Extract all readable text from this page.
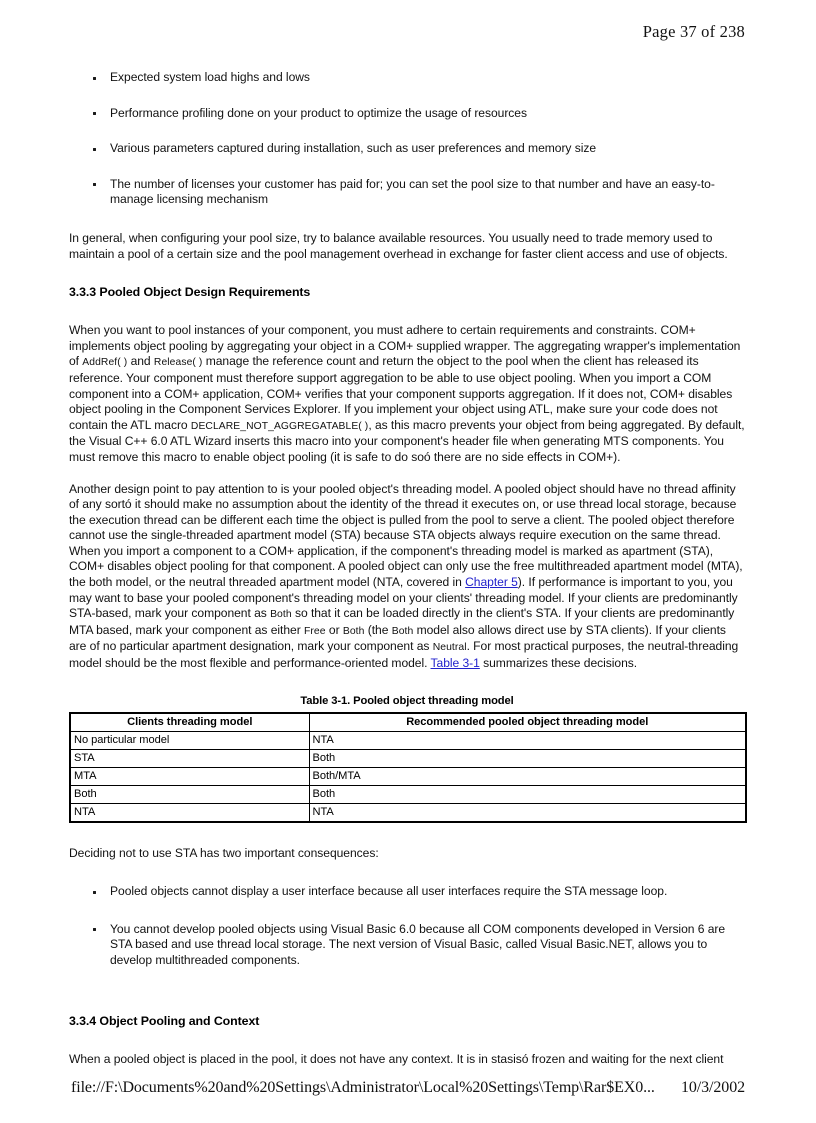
Page 37 of 238
Expected system load highs and lows
Performance profiling done on your product to optimize the usage of resources
Various parameters captured during installation, such as user preferences and memory size
The number of licenses your customer has paid for; you can set the pool size to that number and have an easy-to-manage licensing mechanism

In general, when configuring your pool size, try to balance available resources. You usually need to trade memory used to maintain a pool of a certain size and the pool management overhead in exchange for faster client access and use of objects.

3.3.3 Pooled Object Design Requirements

When you want to pool instances of your component, you must adhere to certain requirements and constraints. COM+ implements object pooling by aggregating your object in a COM+ supplied wrapper. The aggregating wrapper's implementation of AddRef( ) and Release( ) manage the reference count and return the object to the pool when the client has released its reference. Your component must therefore support aggregation to be able to use object pooling. When you import a COM component into a COM+ application, COM+ verifies that your component supports aggregation. If it does not, COM+ disables object pooling in the Component Services Explorer. If you implement your object using ATL, make sure your code does not contain the ATL macro DECLARE_NOT_AGGREGATABLE( ), as this macro prevents your object from being aggregated. By default, the Visual C++ 6.0 ATL Wizard inserts this macro into your component's header file when generating MTS components. You must remove this macro to enable object pooling (it is safe to do soó there are no side effects in COM+).

Another design point to pay attention to is your pooled object's threading model. A pooled object should have no thread affinity of any sortó it should make no assumption about the identity of the thread it executes on, or use thread local storage, because the execution thread can be different each time the object is pulled from the pool to serve a client. The pooled object therefore cannot use the single-threaded apartment model (STA) because STA objects always require execution on the same thread. When you import a component to a COM+ application, if the component's threading model is marked as apartment (STA), COM+ disables object pooling for that component. A pooled object can only use the free multithreaded apartment model (MTA), the both model, or the neutral threaded apartment model (NTA, covered in Chapter 5). If performance is important to you, you may want to base your pooled component's threading model on your clients' threading model. If your clients are predominantly STA-based, mark your component as Both so that it can be loaded directly in the client's STA. If your clients are predominantly MTA based, mark your component as either Free or Both (the Both model also allows direct use by STA clients). If your clients are of no particular apartment designation, mark your component as Neutral. For most practical purposes, the neutral-threading model should be the most flexible and performance-oriented model. Table 3-1 summarizes these decisions.

Table 3-1. Pooled object threading model
Clients threading model	Recommended pooled object threading model
No particular model	NTA
STA	Both
MTA	Both/MTA
Both	Both
NTA	NTA

Deciding not to use STA has two important consequences:

Pooled objects cannot display a user interface because all user interfaces require the STA message loop.
You cannot develop pooled objects using Visual Basic 6.0 because all COM components developed in Version 6 are STA based and use thread local storage. The next version of Visual Basic, called Visual Basic.NET, allows you to develop multithreaded components.
3.3.4 Object Pooling and Context

When a pooled object is placed in the pool, it does not have any context. It is in stasisó frozen and waiting for the next client

file://F:\Documents%20and%20Settings\Administrator\Local%20Settings\Temp\Rar$EX0... 10/3/2002
